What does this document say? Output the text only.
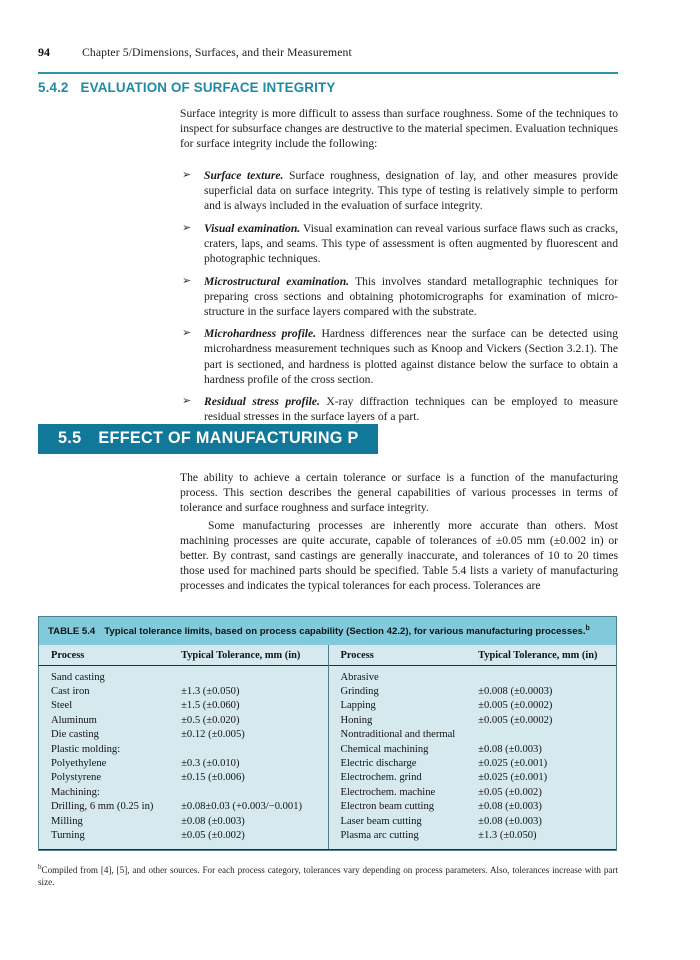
94	Chapter 5/Dimensions, Surfaces, and their Measurement
5.4.2 EVALUATION OF SURFACE INTEGRITY

Surface integrity is more difficult to assess than surface roughness. Some of the techniques to inspect for subsurface changes are destructive to the material specimen. Evaluation techniques for surface integrity include the following:

➢ Surface texture. Surface roughness, designation of lay, and other measures provide superficial data on surface integrity. This type of testing is relatively simple to perform and is always included in the evaluation of surface integrity.
➢ Visual examination. Visual examination can reveal various surface flaws such as cracks, craters, laps, and seams. This type of assessment is often augmented by fluorescent and photographic techniques.
➢ Microstructural examination. This involves standard metallographic techniques for preparing cross sections and obtaining photomicrographs for examination of micro-structure in the surface layers compared with the substrate.
➢ Microhardness profile. Hardness differences near the surface can be detected using microhardness measurement techniques such as Knoop and Vickers (Section 3.2.1). The part is sectioned, and hardness is plotted against distance below the surface to obtain a hardness profile of the cross section.
➢ Residual stress profile. X-ray diffraction techniques can be employed to measure residual stresses in the surface layers of a part.
5.5 EFFECT OF MANUFACTURING P

The ability to achieve a certain tolerance or surface is a function of the manufacturing process. This section describes the general capabilities of various processes in terms of tolerance and surface roughness and surface integrity.

Some manufacturing processes are inherently more accurate than others. Most machining processes are quite accurate, capable of tolerances of ±0.05 mm (±0.002 in) or better. By contrast, sand castings are generally inaccurate, and tolerances of 10 to 20 times those used for machined parts should be specified. Table 5.4 lists a variety of manufacturing processes and indicates the typical tolerances for each process. Tolerances are

TABLE 5.4 Typical tolerance limits, based on process capability (Section 42.2), for various manufacturing processes.$^b$
Process	Typical Tolerance, mm (in)
Sand casting	
Cast iron	±1.3 (±0.050)
Steel	±1.5 (±0.060)
Aluminum	±0.5 (±0.020)
Die casting	±0.12 (±0.005)
Plastic molding:	
Polyethylene	±0.3 (±0.010)
Polystyrene	±0.15 (±0.006)
Machining:	
Drilling, 6 mm (0.25 in)	±0.08±0.03 (+0.003/−0.001)
Milling	±0.08 (±0.003)
Turning	±0.05 (±0.002)
Process	Typical Tolerance, mm (in)
Abrasive	
Grinding	±0.008 (±0.0003)
Lapping	±0.005 (±0.0002)
Honing	±0.005 (±0.0002)
Nontraditional and thermal	
Chemical machining	±0.08 (±0.003)
Electric discharge	±0.025 (±0.001)
Electrochem. grind	±0.025 (±0.001)
Electrochem. machine	±0.05 (±0.002)
Electron beam cutting	±0.08 (±0.003)
Laser beam cutting	±0.08 (±0.003)
Plasma arc cutting	±1.3 (±0.050)
$^b$Compiled from [4], [5], and other sources. For each process category, tolerances vary depending on process parameters. Also, tolerances increase with part size.
